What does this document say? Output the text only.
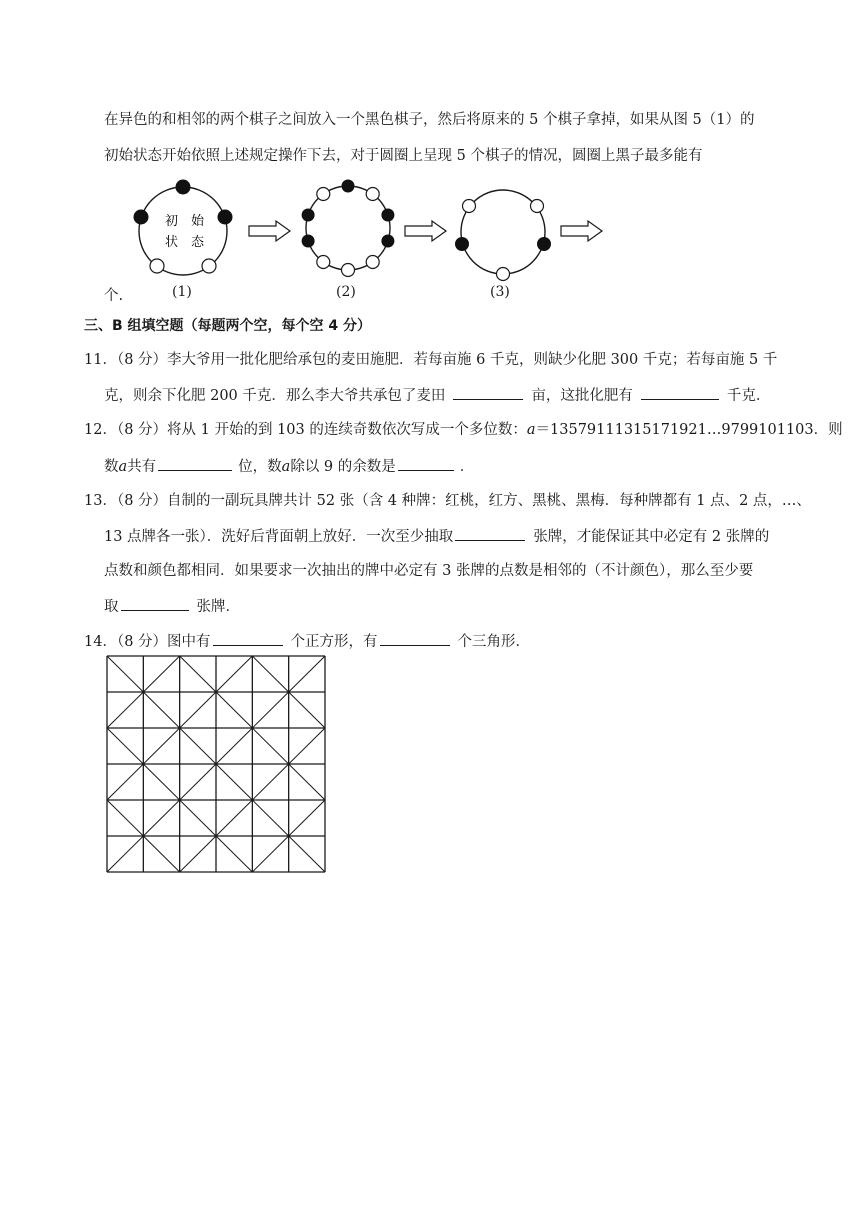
在异色的和相邻的两个棋子之间放入一个黑色棋子，然后将原来的 5 个棋子拿掉，如果从图 5（1）的
初始状态开始依照上述规定操作下去，对于圆圈上呈现 5 个棋子的情况，圆圈上黑子最多能有
初 始
状 态
(1)	(2)	(3)
个.
三、B 组填空题（每题两个空，每个空 4 分）
11．（8 分）李大爷用一批化肥给承包的麦田施肥．若每亩施 6 千克，则缺少化肥 300 千克；若每亩施 5 千
克，则余下化肥 200 千克．那么李大爷共承包了麦田	亩，这批化肥有	千克．
12．（8 分）将从 1 开始的到 103 的连续奇数依次写成一个多位数：a＝13579111315171921…9799101103．则
数a共有	位，数a除以 9 的余数是	．
13．（8 分）自制的一副玩具牌共计 52 张（含 4 种牌：红桃，红方、黑桃、黑梅．每种牌都有 1 点、2 点，…、
13 点牌各一张）．洗好后背面朝上放好．一次至少抽取	张牌，才能保证其中必定有 2 张牌的
点数和颜色都相同．如果要求一次抽出的牌中必定有 3 张牌的点数是相邻的（不计颜色），那么至少要
取	张牌．
14．（8 分）图中有	个正方形，有	个三角形．
